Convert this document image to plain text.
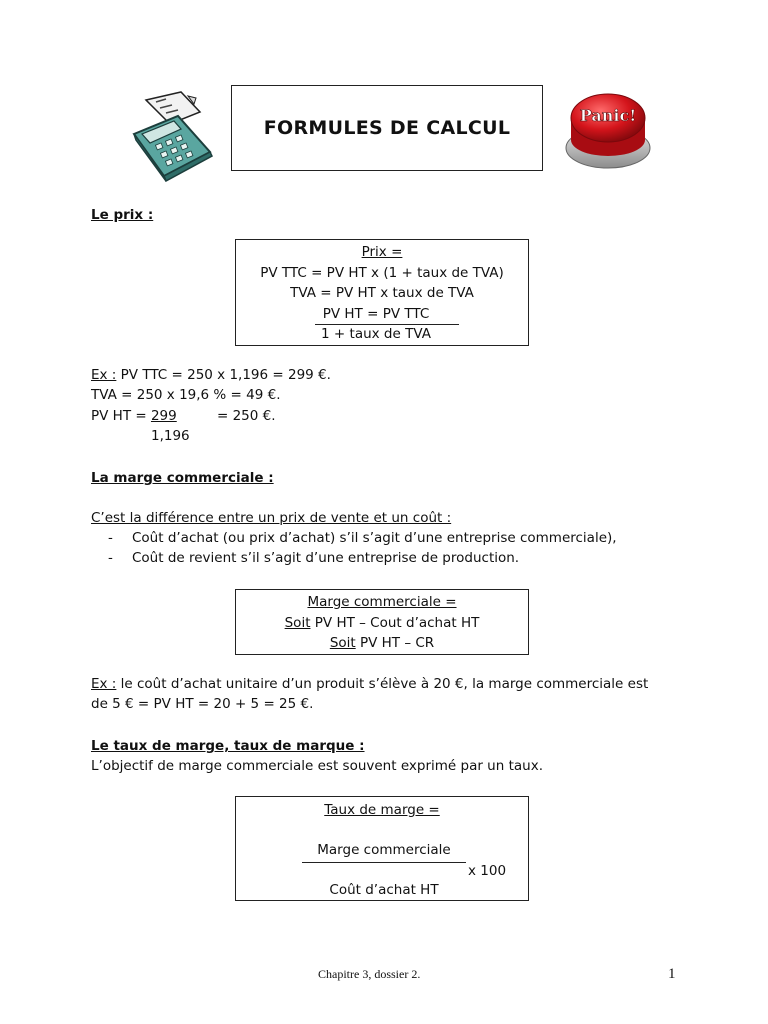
FORMULES DE CALCUL
Panic!
Le prix :
Prix =
PV TTC = PV HT x (1 + taux de TVA)
TVA = PV HT x taux de TVA
PV HT = PV TTC
1 + taux de TVA
Ex : PV TTC = 250 x 1,196 = 299 €.
TVA = 250 x 19,6 % = 49 €.
PV HT = 299	= 250 €.
1,196
La marge commerciale :
C’est la différence entre un prix de vente et un coût :
- Coût d’achat (ou prix d’achat) s’il s’agit d’une entreprise commerciale),
- Coût de revient s’il s’agit d’une entreprise de production.
Marge commerciale =
Soit PV HT – Cout d’achat HT
Soit PV HT – CR
Ex : le coût d’achat unitaire d’un produit s’élève à 20 €, la marge commerciale est
de 5 € = PV HT = 20 + 5 = 25 €.
Le taux de marge, taux de marque :
L’objectif de marge commerciale est souvent exprimé par un taux.
Taux de marge =
Marge commerciale
x 100
Coût d’achat HT
Chapitre 3, dossier 2.	1
